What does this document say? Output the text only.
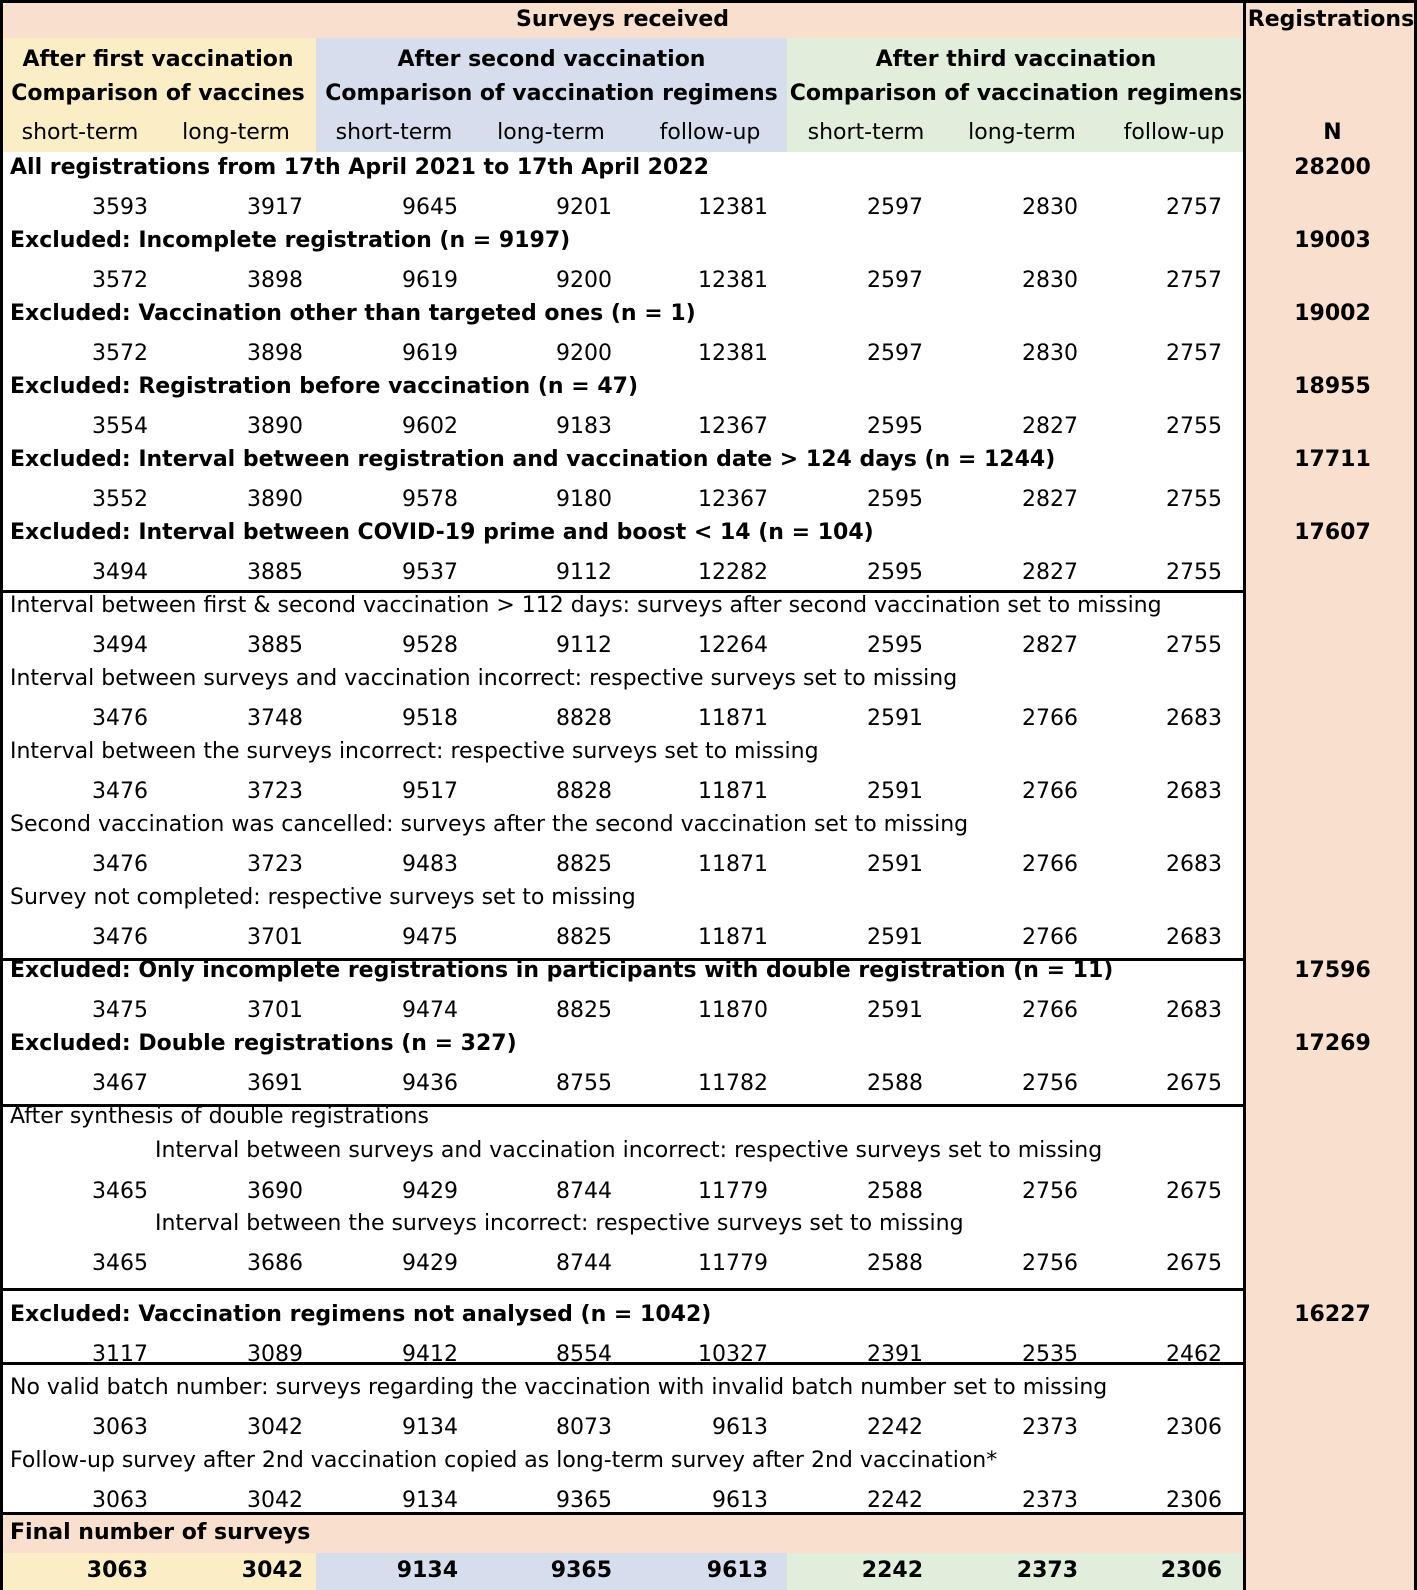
Surveys received	Registrations
After first vaccination
Comparison of vaccines
After second vaccination
Comparison of vaccination regimens
After third vaccination
Comparison of vaccination regimens
short-term	long-term	short-term	long-term	follow-up	short-term	long-term	follow-up	N
All registrations from 17th April 2021 to 17th April 2022	28200
3593	3917	9645	9201	12381	2597	2830	2757
Excluded: Incomplete registration (n = 9197)	19003
3572	3898	9619	9200	12381	2597	2830	2757
Excluded: Vaccination other than targeted ones (n = 1)	19002
3572	3898	9619	9200	12381	2597	2830	2757
Excluded: Registration before vaccination (n = 47)	18955
3554	3890	9602	9183	12367	2595	2827	2755
Excluded: Interval between registration and vaccination date > 124 days (n = 1244)	17711
3552	3890	9578	9180	12367	2595	2827	2755
Excluded: Interval between COVID-19 prime and boost < 14 (n = 104)	17607
3494	3885	9537	9112	12282	2595	2827	2755
Interval between first & second vaccination > 112 days: surveys after second vaccination set to missing
3494	3885	9528	9112	12264	2595	2827	2755
Interval between surveys and vaccination incorrect: respective surveys set to missing
3476	3748	9518	8828	11871	2591	2766	2683
Interval between the surveys incorrect: respective surveys set to missing
3476	3723	9517	8828	11871	2591	2766	2683
Second vaccination was cancelled: surveys after the second vaccination set to missing
3476	3723	9483	8825	11871	2591	2766	2683
Survey not completed: respective surveys set to missing
3476	3701	9475	8825	11871	2591	2766	2683
Excluded: Only incomplete registrations in participants with double registration (n = 11)	17596
3475	3701	9474	8825	11870	2591	2766	2683
Excluded: Double registrations (n = 327)	17269
3467	3691	9436	8755	11782	2588	2756	2675
After synthesis of double registrations
Interval between surveys and vaccination incorrect: respective surveys set to missing
3465	3690	9429	8744	11779	2588	2756	2675
Interval between the surveys incorrect: respective surveys set to missing
3465	3686	9429	8744	11779	2588	2756	2675
Excluded: Vaccination regimens not analysed (n = 1042)	16227
3117	3089	9412	8554	10327	2391	2535	2462
No valid batch number: surveys regarding the vaccination with invalid batch number set to missing
3063	3042	9134	8073	9613	2242	2373	2306
Follow-up survey after 2nd vaccination copied as long-term survey after 2nd vaccination*
3063	3042	9134	9365	9613	2242	2373	2306
Final number of surveys
3063	3042	9134	9365	9613	2242	2373	2306
